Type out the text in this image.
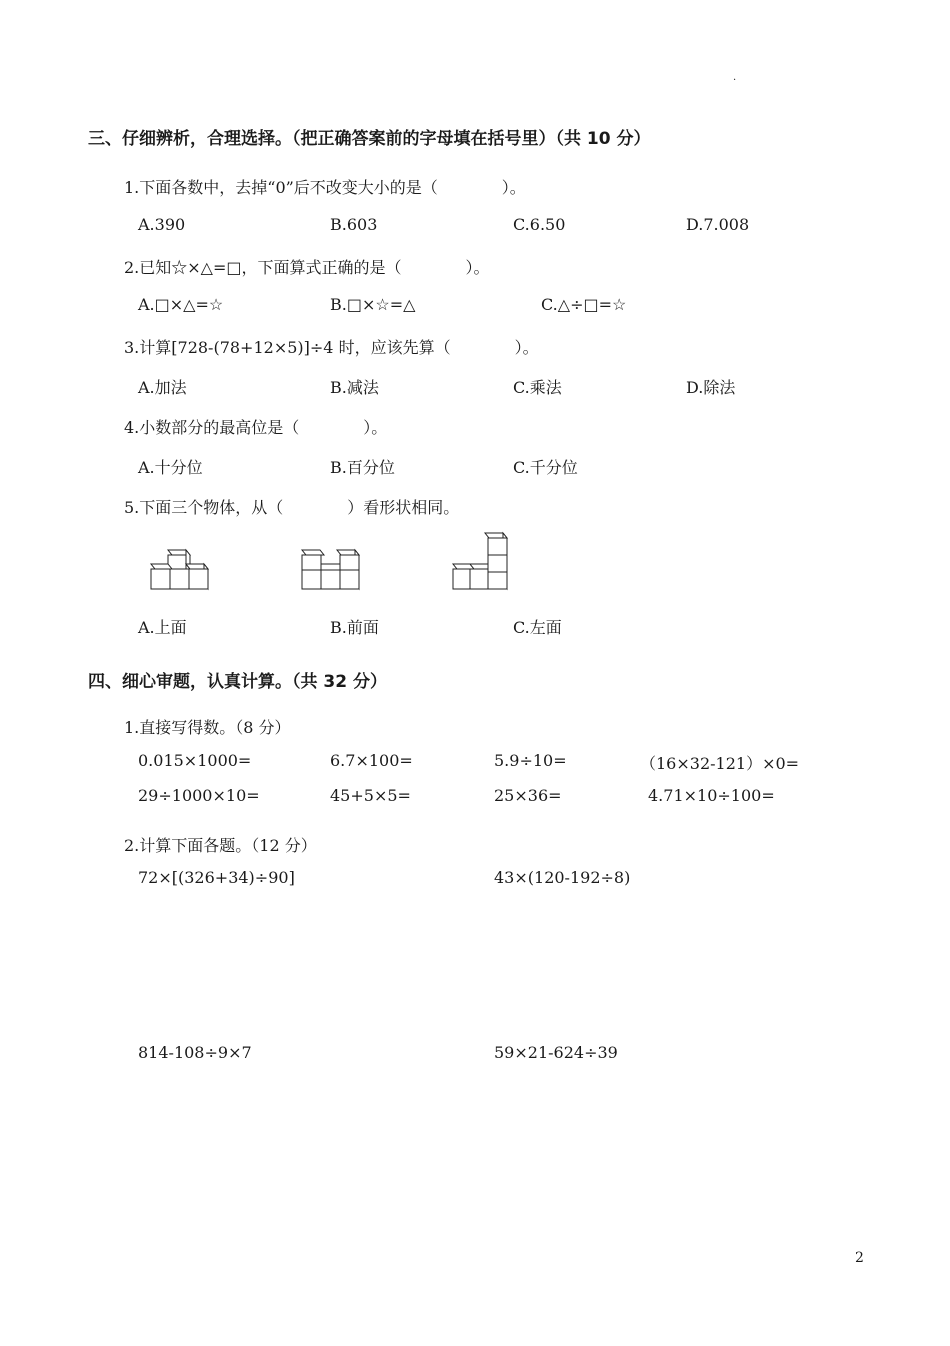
.
三、仔细辨析，合理选择。（把正确答案前的字母填在括号里）（共 10 分）
1.下面各数中，去掉“0”后不改变大小的是（　　　　）。
A.390	B.603	C.6.50	D.7.008
2.已知☆×△=□，下面算式正确的是（　　　　）。
A.□×△=☆	B.□×☆=△	C.△÷□=☆
3.计算[728-(78+12×5)]÷4 时，应该先算（　　　　）。
A.加法	B.减法	C.乘法	D.除法
4.小数部分的最高位是（　　　　）。
A.十分位	B.百分位	C.千分位
5.下面三个物体，从（　　　　）看形状相同。
A.上面	B.前面	C.左面
四、细心审题，认真计算。（共 32 分）
1.直接写得数。（8 分）
0.015×1000=	6.7×100=	5.9÷10=	（16×32-121）×0=
29÷1000×10=	45+5×5=	25×36=	4.71×10÷100=
2.计算下面各题。（12 分）
72×[(326+34)÷90]	43×(120-192÷8)
814-108÷9×7	59×21-624÷39
2
